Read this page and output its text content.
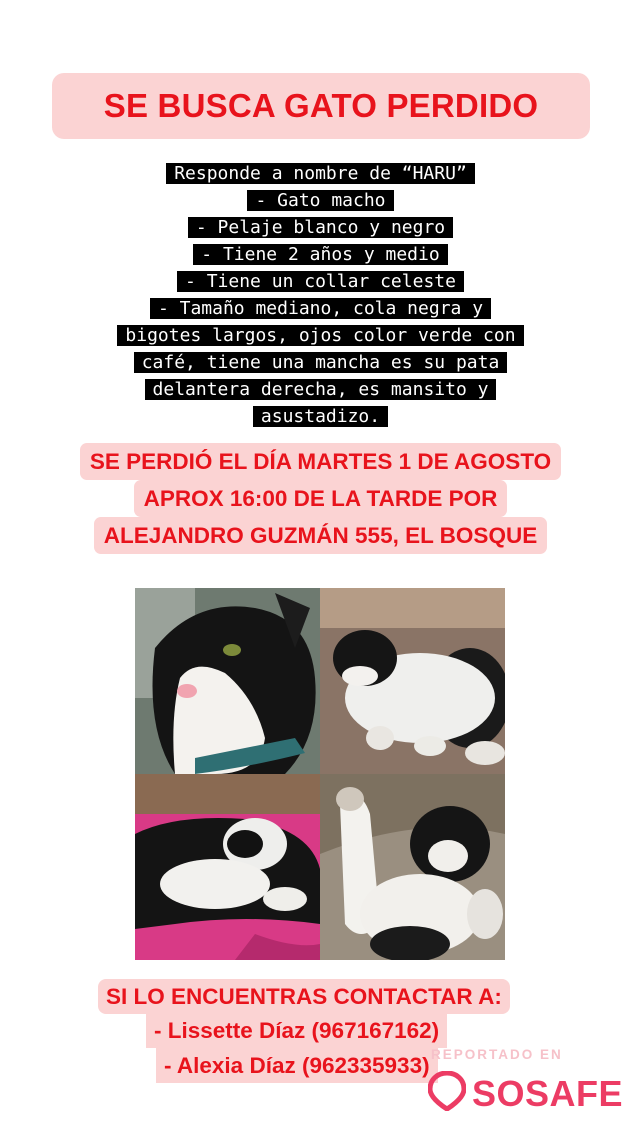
SE BUSCA GATO PERDIDO
Responde a nombre de “HARU”
- Gato macho
- Pelaje blanco y negro
- Tiene 2 años y medio
- Tiene un collar celeste
- Tamaño mediano, cola negra y
bigotes largos, ojos color verde con
café, tiene una mancha es su pata
delantera derecha, es mansito y
asustadizo.
SE PERDIÓ EL DÍA MARTES 1 DE AGOSTO
APROX 16:00 DE LA TARDE POR
ALEJANDRO GUZMÁN 555, EL BOSQUE
SI LO ENCUENTRAS CONTACTAR A:
- Lissette Díaz (967167162)
- Alexia Díaz (962335933) REPORTADO EN
SOSAFE
